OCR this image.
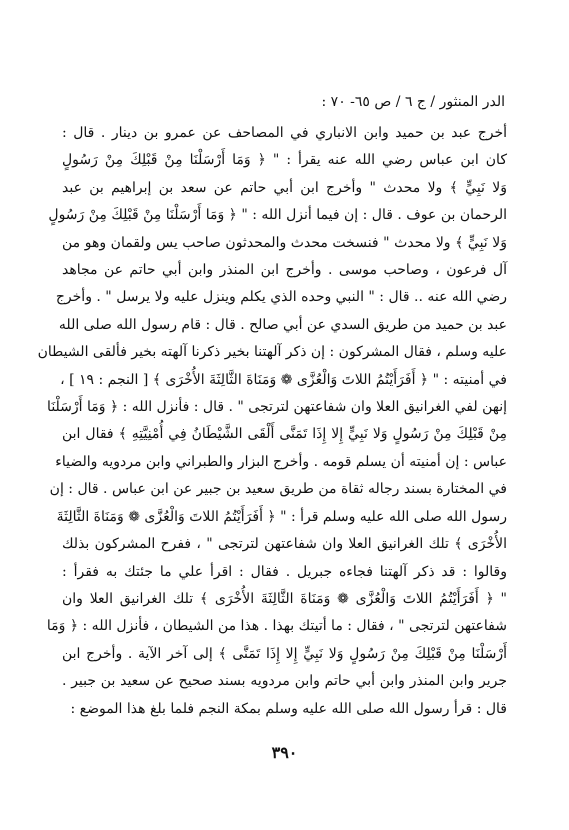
الدر المنثور / ج ٦ / ص ٦٥- ٧٠ :
أخرج عبد بن حميد وابن الانباري في المصاحف عن عمرو بن دينار . قال :
كان ابن عباس رضي الله عنه يقرأ : " ﴿ وَمَا أَرْسَلْنَا مِنْ قَبْلِكَ مِنْ رَسُولٍ
وَلا نَبِيٍّ ﴾ ولا محدث " وأخرج ابن أبي حاتم عن سعد بن إبراهيم بن عبد
الرحمان بن عوف . قال : إن فيما أنزل الله : " ﴿ وَمَا أَرْسَلْنَا مِنْ قَبْلِكَ مِنْ رَسُولٍ
وَلا نَبِيٍّ ﴾ ولا محدث " فنسخت محدث والمحدثون صاحب يس ولقمان وهو من
آل فرعون ، وصاحب موسى . وأخرج ابن المنذر وابن أبي حاتم عن مجاهد
رضي الله عنه .. قال : " النبي وحده الذي يكلم وينزل عليه ولا يرسل " . وأخرج
عبد بن حميد من طريق السدي عن أبي صالح . قال : قام رسول الله صلى الله
عليه وسلم ، فقال المشركون : إن ذكر آلهتنا بخير ذكرنا آلهته بخير فألقى الشيطان
في أمنيته : " ﴿ أَفَرَأَيْتُمُ اللاتَ وَالْعُزَّى ❁ وَمَنَاةَ الثَّالِثَةَ الأُخْرَى ﴾ [ النجم : ١٩ ] ،
إنهن لفي الغرانيق العلا وان شفاعتهن لترتجى " . قال : فأنزل الله : ﴿ وَمَا أَرْسَلْنَا
مِنْ قَبْلِكَ مِنْ رَسُولٍ وَلا نَبِيٍّ إِلا إِذَا تَمَنَّى أَلْقَى الشَّيْطَانُ فِي أُمْنِيَّتِهِ ﴾ فقال ابن
عباس : إن أمنيته أن يسلم قومه . وأخرج البزار والطبراني وابن مردويه والضياء
في المختارة بسند رجاله ثقاة من طريق سعيد بن جبير عن ابن عباس . قال : إن
رسول الله صلى الله عليه وسلم قرأ : " ﴿ أَفَرَأَيْتُمُ اللاتَ وَالْعُزَّى ❁ وَمَنَاةَ الثَّالِثَةَ
الأُخْرَى ﴾ تلك الغرانيق العلا وان شفاعتهن لترتجى " ، ففرح المشركون بذلك
وقالوا : قد ذكر آلهتنا فجاءه جبريل . فقال : اقرأ علي ما جئتك به فقرأ :
" ﴿ أَفَرَأَيْتُمُ اللاتَ وَالْعُزَّى ❁ وَمَنَاةَ الثَّالِثَةَ الأُخْرَى ﴾ تلك الغرانيق العلا وان
شفاعتهن لترتجى " ، فقال : ما أتيتك بهذا . هذا من الشيطان ، فأنزل الله : ﴿ وَمَا
أَرْسَلْنَا مِنْ قَبْلِكَ مِنْ رَسُولٍ وَلا نَبِيٍّ إِلا إِذَا تَمَنَّى ﴾ إلى آخر الآية . وأخرج ابن
جرير وابن المنذر وابن أبي حاتم وابن مردويه بسند صحيح عن سعيد بن جبير .
قال : قرأ رسول الله صلى الله عليه وسلم بمكة النجم فلما بلغ هذا الموضع :
٣٩٠
